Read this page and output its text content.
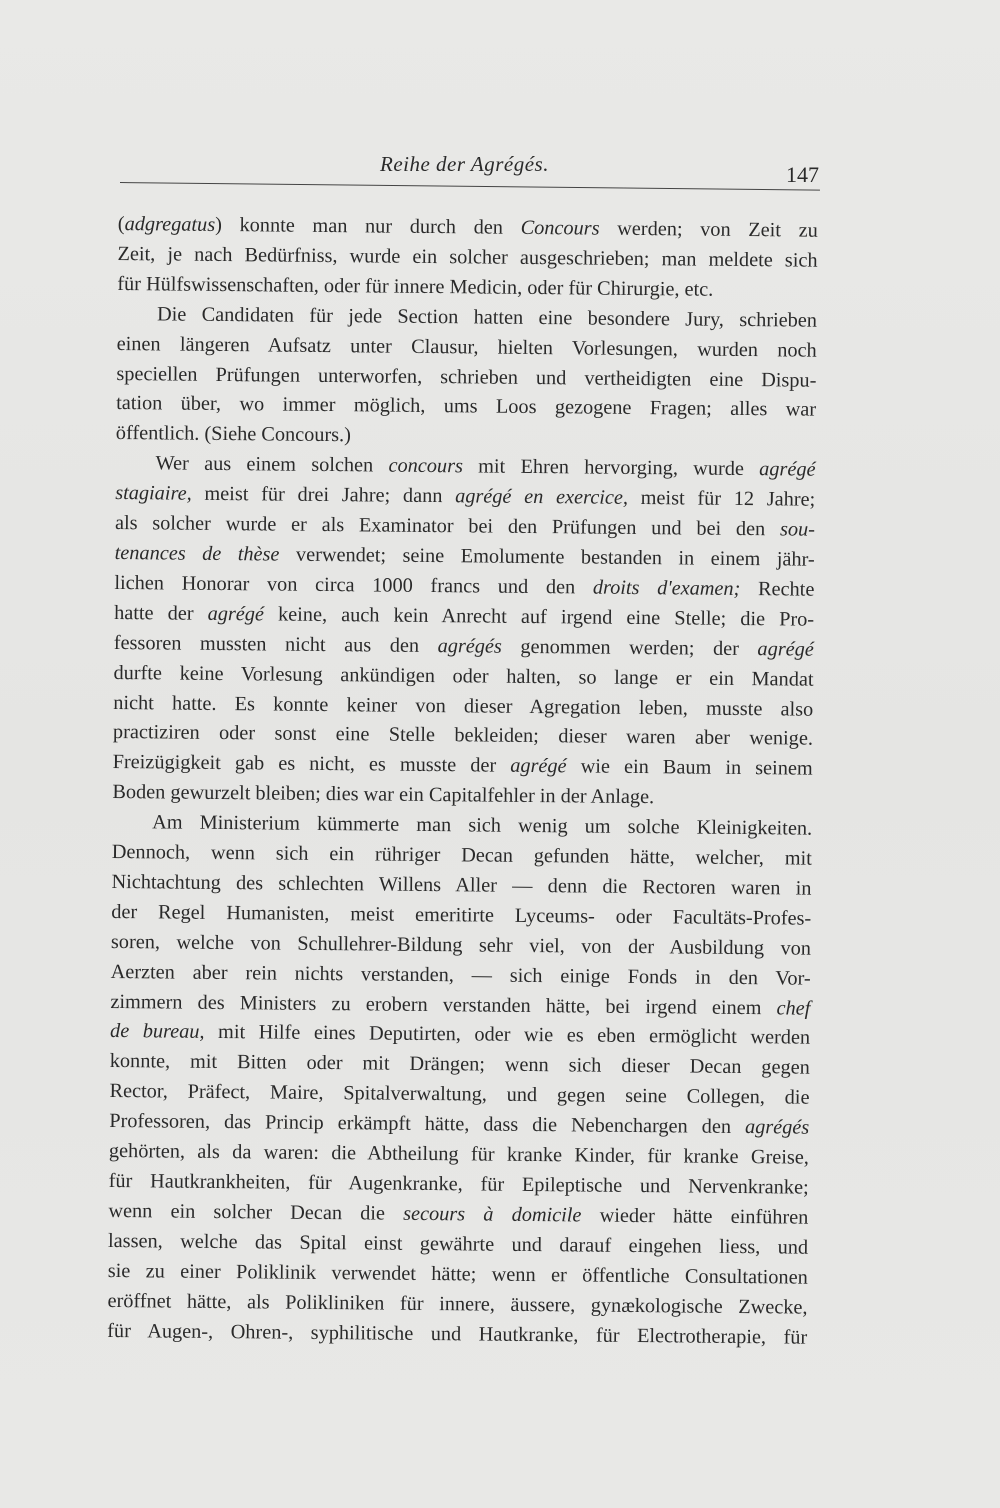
Reihe der Agrégés.	147
(adgregatus) konnte man nur durch den Concours werden; von Zeit zu
Zeit, je nach Bedürfniss, wurde ein solcher ausgeschrieben; man meldete sich
für Hülfswissenschaften, oder für innere Medicin, oder für Chirurgie, etc.
Die Candidaten für jede Section hatten eine besondere Jury, schrieben
einen längeren Aufsatz unter Clausur, hielten Vorlesungen, wurden noch
speciellen Prüfungen unterworfen, schrieben und vertheidigten eine Dispu-
tation über, wo immer möglich, ums Loos gezogene Fragen; alles war
öffentlich. (Siehe Concours.)
Wer aus einem solchen concours mit Ehren hervorging, wurde agrégé
stagiaire, meist für drei Jahre; dann agrégé en exercice, meist für 12 Jahre;
als solcher wurde er als Examinator bei den Prüfungen und bei den sou-
tenances de thèse verwendet; seine Emolumente bestanden in einem jähr-
lichen Honorar von circa 1000 francs und den droits d'examen; Rechte
hatte der agrégé keine, auch kein Anrecht auf irgend eine Stelle; die Pro-
fessoren mussten nicht aus den agrégés genommen werden; der agrégé
durfte keine Vorlesung ankündigen oder halten, so lange er ein Mandat
nicht hatte. Es konnte keiner von dieser Agregation leben, musste also
practiziren oder sonst eine Stelle bekleiden; dieser waren aber wenige.
Freizügigkeit gab es nicht, es musste der agrégé wie ein Baum in seinem
Boden gewurzelt bleiben; dies war ein Capitalfehler in der Anlage.
Am Ministerium kümmerte man sich wenig um solche Kleinigkeiten.
Dennoch, wenn sich ein rühriger Decan gefunden hätte, welcher, mit
Nichtachtung des schlechten Willens Aller — denn die Rectoren waren in
der Regel Humanisten, meist emeritirte Lyceums- oder Facultäts-Profes-
soren, welche von Schullehrer-Bildung sehr viel, von der Ausbildung von
Aerzten aber rein nichts verstanden, — sich einige Fonds in den Vor-
zimmern des Ministers zu erobern verstanden hätte, bei irgend einem chef
de bureau, mit Hilfe eines Deputirten, oder wie es eben ermöglicht werden
konnte, mit Bitten oder mit Drängen; wenn sich dieser Decan gegen
Rector, Präfect, Maire, Spitalverwaltung, und gegen seine Collegen, die
Professoren, das Princip erkämpft hätte, dass die Nebenchargen den agrégés
gehörten, als da waren: die Abtheilung für kranke Kinder, für kranke Greise,
für Hautkrankheiten, für Augenkranke, für Epileptische und Nervenkranke;
wenn ein solcher Decan die secours à domicile wieder hätte einführen
lassen, welche das Spital einst gewährte und darauf eingehen liess, und
sie zu einer Poliklinik verwendet hätte; wenn er öffentliche Consultationen
eröffnet hätte, als Polikliniken für innere, äussere, gynækologische Zwecke,
für Augen-, Ohren-, syphilitische und Hautkranke, für Electrotherapie, für
